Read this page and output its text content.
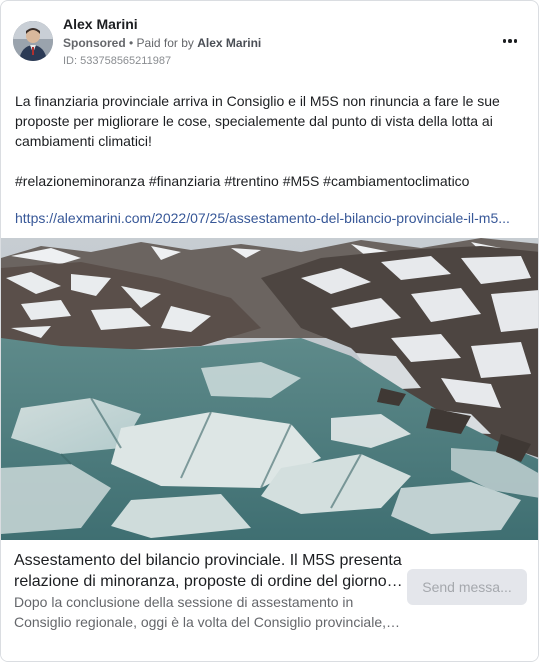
Alex Marini
Sponsored • Paid for by Alex Marini
ID: 533758565211987

La finanziaria provinciale arriva in Consiglio e il M5S non rinuncia a fare le sue proposte per migliorare le cose, specialemente dal punto di vista della lotta ai cambiamenti climatici!

#relazioneminoranza #finanziaria #trentino #M5S #cambiamentoclimatico

https://alexmarini.com/2022/07/25/assestamento-del-bilancio-provinciale-il-m5...
Assestamento del bilancio provinciale. Il M5S presenta
relazione di minoranza, proposte di ordine del giorno…
Dopo la conclusione della sessione di assestamento in
Consiglio regionale, oggi è la volta del Consiglio provinciale,…
Send messa...
